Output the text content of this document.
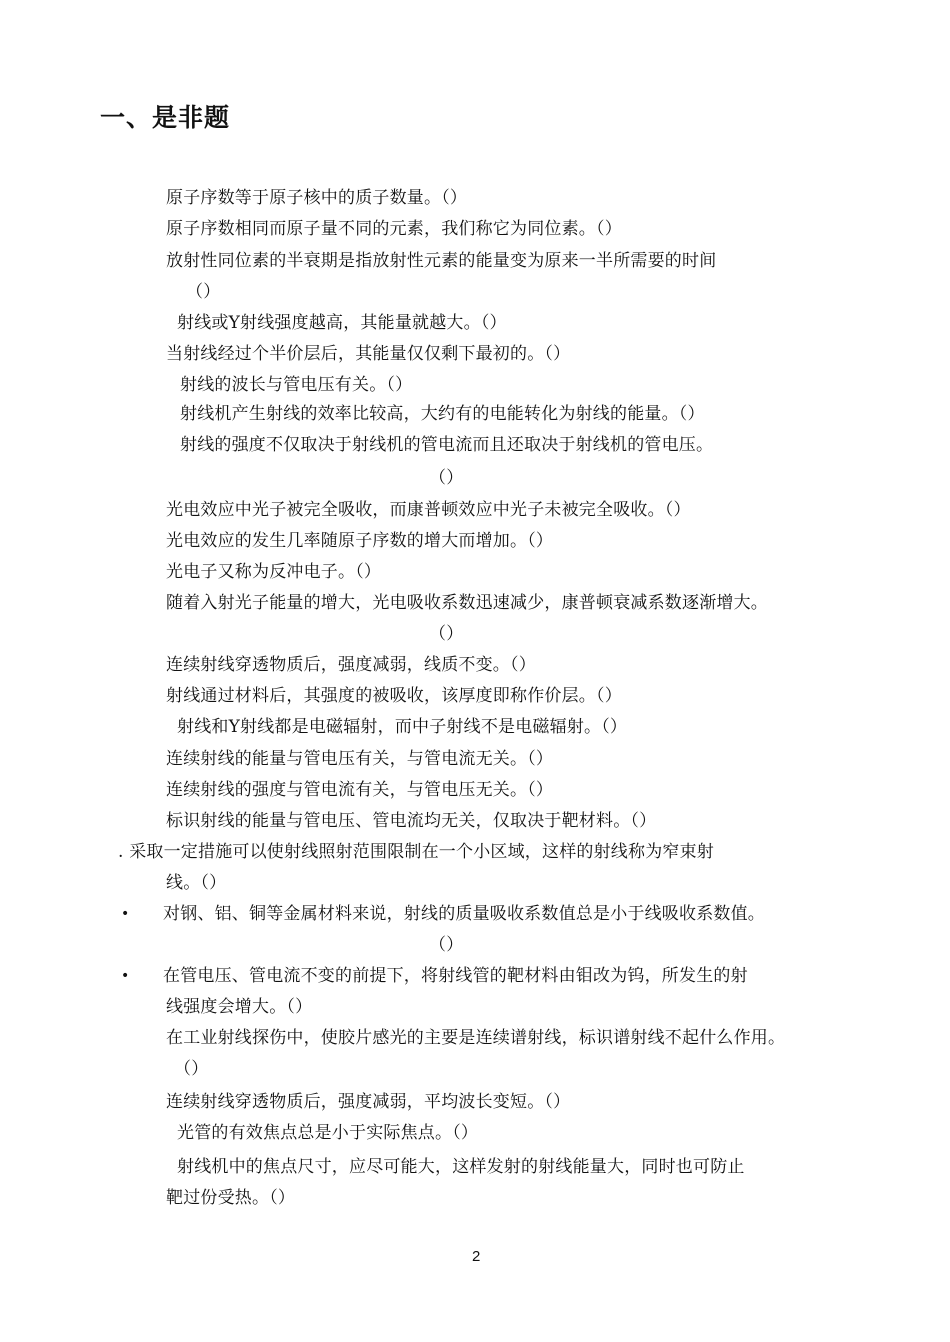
一、是非题
原子序数等于原子核中的质子数量。（）
原子序数相同而原子量不同的元素，我们称它为同位素。（）
放射性同位素的半衰期是指放射性元素的能量变为原来一半所需要的时间
（）
射线或Y射线强度越高，其能量就越大。（）
当射线经过个半价层后，其能量仅仅剩下最初的。（）
射线的波长与管电压有关。（）
射线机产生射线的效率比较高，大约有的电能转化为射线的能量。（）
射线的强度不仅取决于射线机的管电流而且还取决于射线机的管电压。
（）
光电效应中光子被完全吸收，而康普顿效应中光子未被完全吸收。（）
光电效应的发生几率随原子序数的增大而增加。（）
光电子又称为反冲电子。（）
随着入射光子能量的增大，光电吸收系数迅速减少，康普顿衰减系数逐渐增大。
（）
连续射线穿透物质后，强度减弱，线质不变。（）
射线通过材料后，其强度的被吸收，该厚度即称作价层。（）
射线和Y射线都是电磁辐射，而中子射线不是电磁辐射。（）
连续射线的能量与管电压有关，与管电流无关。（）
连续射线的强度与管电流有关，与管电压无关。（）
标识射线的能量与管电压、管电流均无关，仅取决于靶材料。（）
. 采取一定措施可以使射线照射范围限制在一个小区域，这样的射线称为窄束射
线。（）
• 对钢、铝、铜等金属材料来说，射线的质量吸收系数值总是小于线吸收系数值。
（）
• 在管电压、管电流不变的前提下，将射线管的靶材料由钼改为钨，所发生的射
线强度会增大。（）
在工业射线探伤中，使胶片感光的主要是连续谱射线，标识谱射线不起什么作用。
（）
连续射线穿透物质后，强度减弱，平均波长变短。（）
光管的有效焦点总是小于实际焦点。（）
射线机中的焦点尺寸，应尽可能大，这样发射的射线能量大，同时也可防止
靶过份受热。（）
2
